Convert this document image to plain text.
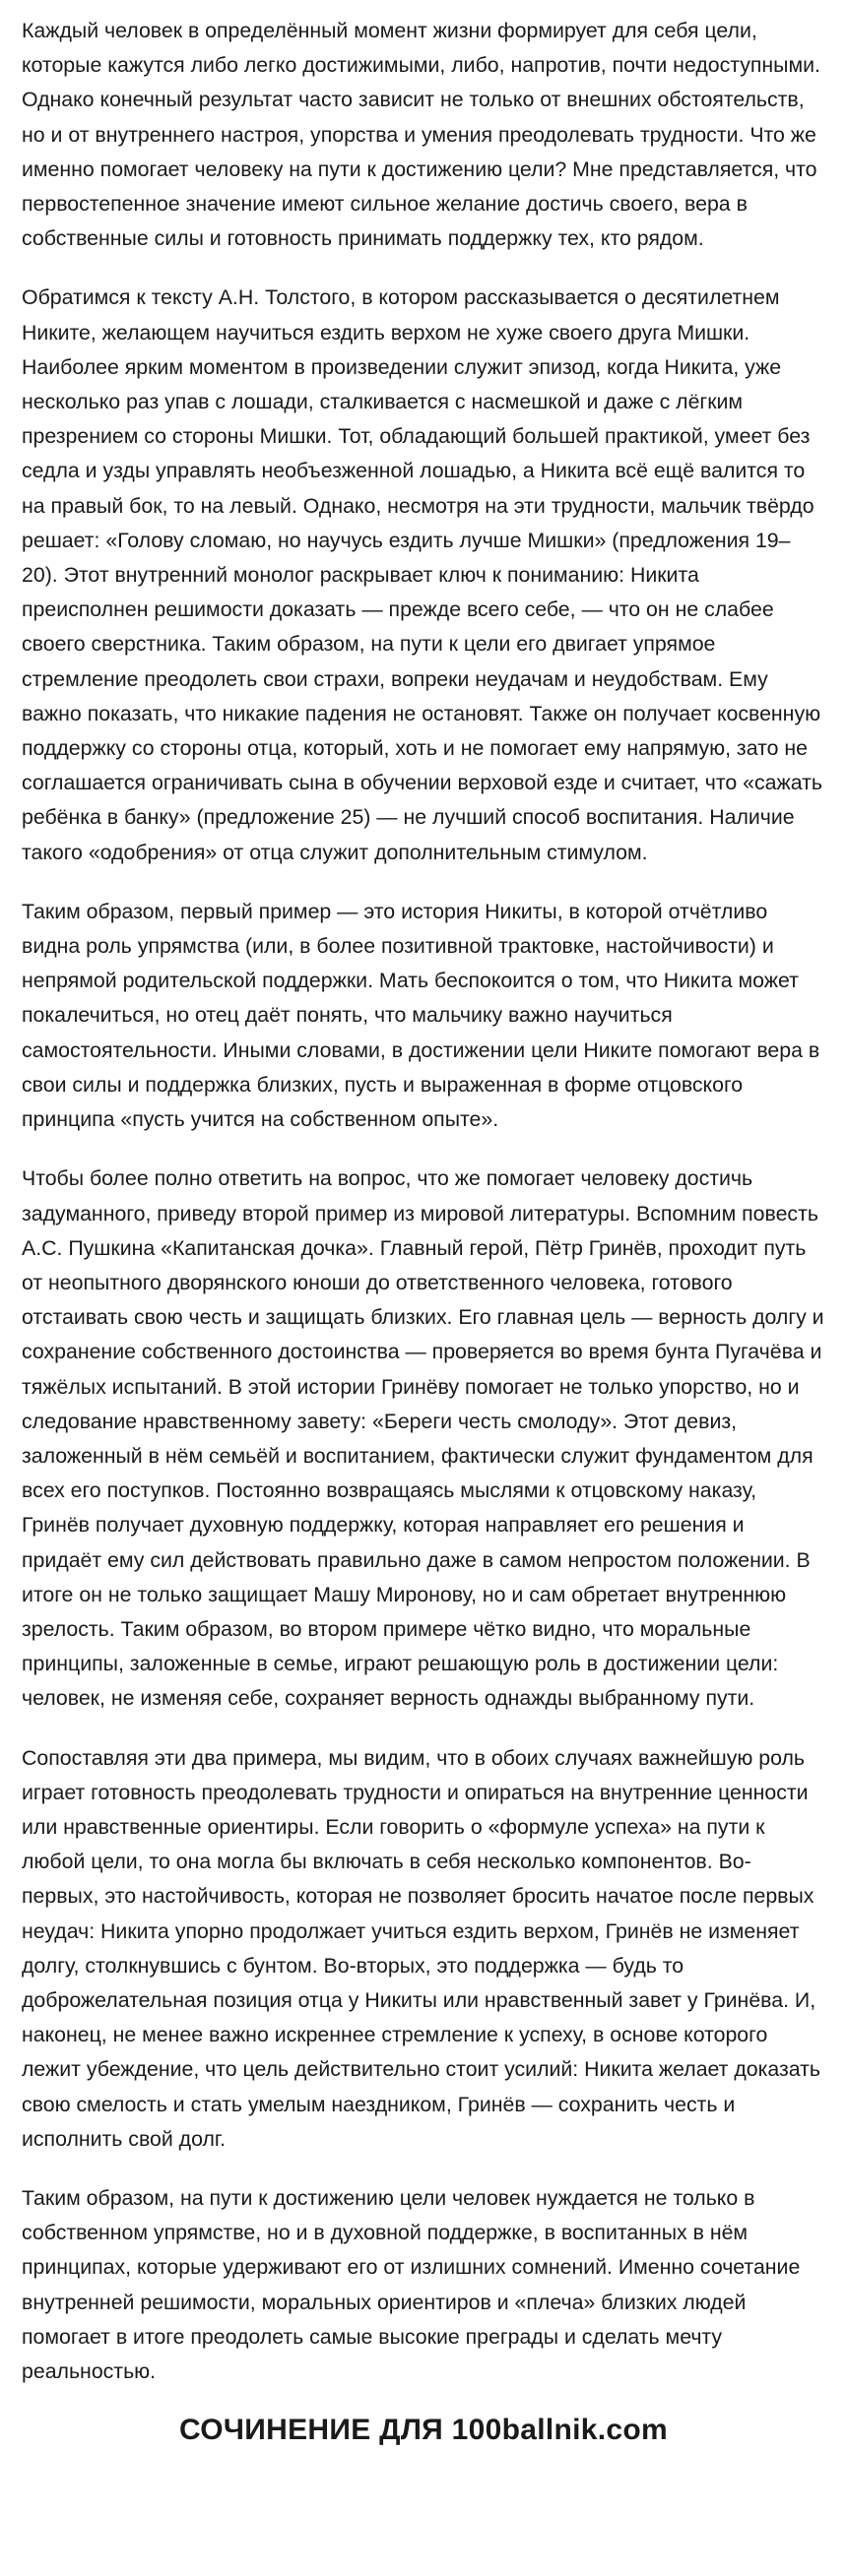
Каждый человек в определённый момент жизни формирует для себя цели, которые кажутся либо легко достижимыми, либо, напротив, почти недоступными. Однако конечный результат часто зависит не только от внешних обстоятельств, но и от внутреннего настроя, упорства и умения преодолевать трудности. Что же именно помогает человеку на пути к достижению цели? Мне представляется, что первостепенное значение имеют сильное желание достичь своего, вера в собственные силы и готовность принимать поддержку тех, кто рядом.

Обратимся к тексту А.Н. Толстого, в котором рассказывается о десятилетнем Никите, желающем научиться ездить верхом не хуже своего друга Мишки. Наиболее ярким моментом в произведении служит эпизод, когда Никита, уже несколько раз упав с лошади, сталкивается с насмешкой и даже с лёгким презрением со стороны Мишки. Тот, обладающий большей практикой, умеет без седла и узды управлять необъезженной лошадью, а Никита всё ещё валится то на правый бок, то на левый. Однако, несмотря на эти трудности, мальчик твёрдо решает: «Голову сломаю, но научусь ездить лучше Мишки» (предложения 19–20). Этот внутренний монолог раскрывает ключ к пониманию: Никита преисполнен решимости доказать — прежде всего себе, — что он не слабее своего сверстника. Таким образом, на пути к цели его двигает упрямое стремление преодолеть свои страхи, вопреки неудачам и неудобствам. Ему важно показать, что никакие падения не остановят. Также он получает косвенную поддержку со стороны отца, который, хоть и не помогает ему напрямую, зато не соглашается ограничивать сына в обучении верховой езде и считает, что «сажать ребёнка в банку» (предложение 25) — не лучший способ воспитания. Наличие такого «одобрения» от отца служит дополнительным стимулом.

Таким образом, первый пример — это история Никиты, в которой отчётливо видна роль упрямства (или, в более позитивной трактовке, настойчивости) и непрямой родительской поддержки. Мать беспокоится о том, что Никита может покалечиться, но отец даёт понять, что мальчику важно научиться самостоятельности. Иными словами, в достижении цели Никите помогают вера в свои силы и поддержка близких, пусть и выраженная в форме отцовского принципа «пусть учится на собственном опыте».

Чтобы более полно ответить на вопрос, что же помогает человеку достичь задуманного, приведу второй пример из мировой литературы. Вспомним повесть А.С. Пушкина «Капитанская дочка». Главный герой, Пётр Гринёв, проходит путь от неопытного дворянского юноши до ответственного человека, готового отстаивать свою честь и защищать близких. Его главная цель — верность долгу и сохранение собственного достоинства — проверяется во время бунта Пугачёва и тяжёлых испытаний. В этой истории Гринёву помогает не только упорство, но и следование нравственному завету: «Береги честь смолоду». Этот девиз, заложенный в нём семьёй и воспитанием, фактически служит фундаментом для всех его поступков. Постоянно возвращаясь мыслями к отцовскому наказу, Гринёв получает духовную поддержку, которая направляет его решения и придаёт ему сил действовать правильно даже в самом непростом положении. В итоге он не только защищает Машу Миронову, но и сам обретает внутреннюю зрелость. Таким образом, во втором примере чётко видно, что моральные принципы, заложенные в семье, играют решающую роль в достижении цели: человек, не изменяя себе, сохраняет верность однажды выбранному пути.

Сопоставляя эти два примера, мы видим, что в обоих случаях важнейшую роль играет готовность преодолевать трудности и опираться на внутренние ценности или нравственные ориентиры. Если говорить о «формуле успеха» на пути к любой цели, то она могла бы включать в себя несколько компонентов. Во-первых, это настойчивость, которая не позволяет бросить начатое после первых неудач: Никита упорно продолжает учиться ездить верхом, Гринёв не изменяет долгу, столкнувшись с бунтом. Во-вторых, это поддержка — будь то доброжелательная позиция отца у Никиты или нравственный завет у Гринёва. И, наконец, не менее важно искреннее стремление к успеху, в основе которого лежит убеждение, что цель действительно стоит усилий: Никита желает доказать свою смелость и стать умелым наездником, Гринёв — сохранить честь и исполнить свой долг.

Таким образом, на пути к достижению цели человек нуждается не только в собственном упрямстве, но и в духовной поддержке, в воспитанных в нём принципах, которые удерживают его от излишних сомнений. Именно сочетание внутренней решимости, моральных ориентиров и «плеча» близких людей помогает в итоге преодолеть самые высокие преграды и сделать мечту реальностью.

СОЧИНЕНИЕ ДЛЯ 100ballnik.com
